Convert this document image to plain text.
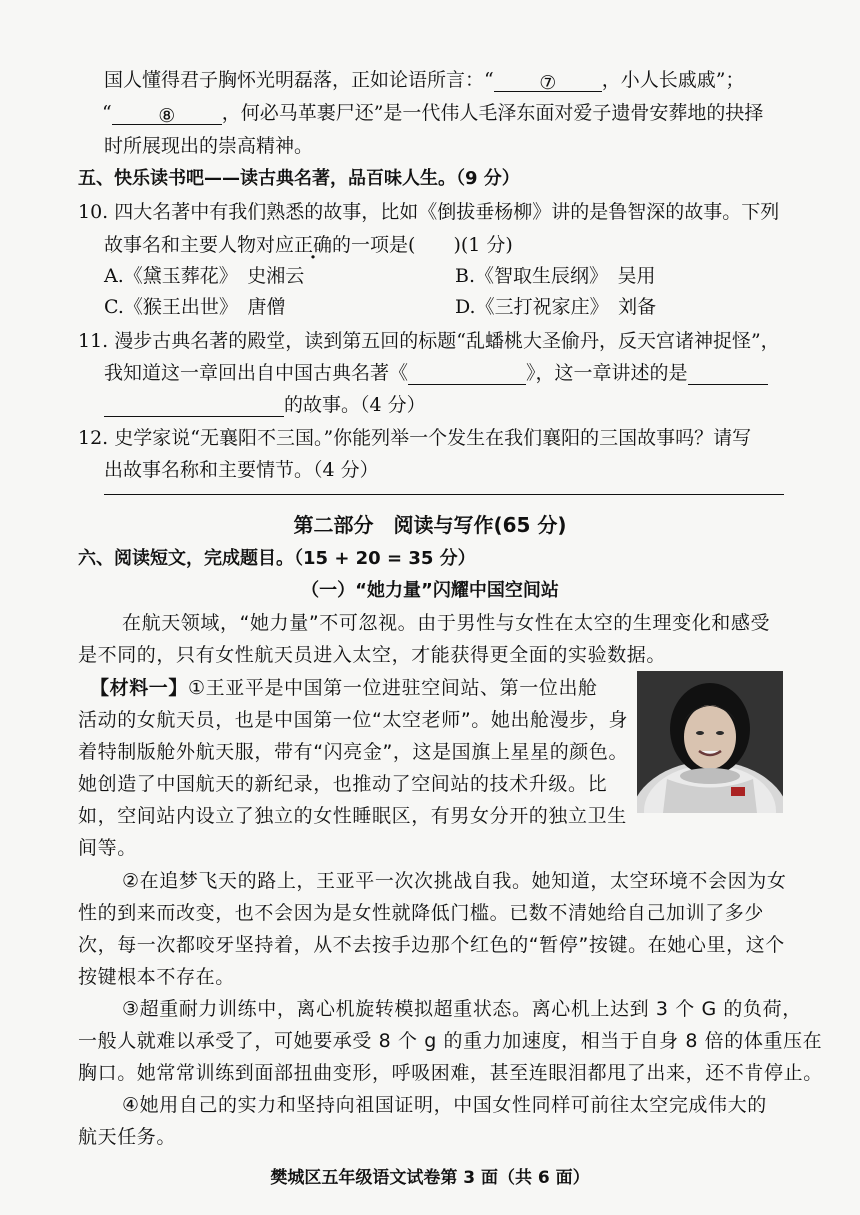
国人懂得君子胸怀光明磊落，正如论语所言：“ ⑦ ，小人长戚戚”；
“ ⑧ ，何必马革裹尸还”是一代伟人毛泽东面对爱子遗骨安葬地的抉择
时所展现出的崇高精神。
五、快乐读书吧——读古典名著，品百味人生。（9 分）
10. 四大名著中有我们熟悉的故事，比如《倒拔垂杨柳》讲的是鲁智深的故事。下列
故事名和主要人物对应正确的一项是(　　)(1 分)
A.《黛玉葬花》　史湘云	B.《智取生辰纲》　吴用
C.《猴王出世》　唐僧	D.《三打祝家庄》　刘备
11. 漫步古典名著的殿堂，读到第五回的标题“乱蟠桃大圣偷丹，反天宫诸神捉怪”，
我知道这一章回出自中国古典名著《	》，这一章讲述的是
的故事。（4 分）
12. 史学家说“无襄阳不三国。”你能列举一个发生在我们襄阳的三国故事吗？请写
出故事名称和主要情节。（4 分）
第二部分　阅读与写作(65 分)
六、阅读短文，完成题目。（15 + 20 = 35 分）
（一）“她力量”闪耀中国空间站
在航天领域，“她力量”不可忽视。由于男性与女性在太空的生理变化和感受
是不同的，只有女性航天员进入太空，才能获得更全面的实验数据。
【材料一】①王亚平是中国第一位进驻空间站、第一位出舱
活动的女航天员，也是中国第一位“太空老师”。她出舱漫步，身
着特制版舱外航天服，带有“闪亮金”，这是国旗上星星的颜色。
她创造了中国航天的新纪录，也推动了空间站的技术升级。比
如，空间站内设立了独立的女性睡眠区，有男女分开的独立卫生
间等。
②在追梦飞天的路上，王亚平一次次挑战自我。她知道，太空环境不会因为女
性的到来而改变，也不会因为是女性就降低门槛。已数不清她给自己加训了多少
次，每一次都咬牙坚持着，从不去按手边那个红色的“暂停”按键。在她心里，这个
按键根本不存在。
③超重耐力训练中，离心机旋转模拟超重状态。离心机上达到 3 个 G 的负荷，
一般人就难以承受了，可她要承受 8 个 g 的重力加速度，相当于自身 8 倍的体重压在
胸口。她常常训练到面部扭曲变形，呼吸困难，甚至连眼泪都甩了出来，还不肯停止。
④她用自己的实力和坚持向祖国证明，中国女性同样可前往太空完成伟大的
航天任务。
樊城区五年级语文试卷第 3 面（共 6 面）
